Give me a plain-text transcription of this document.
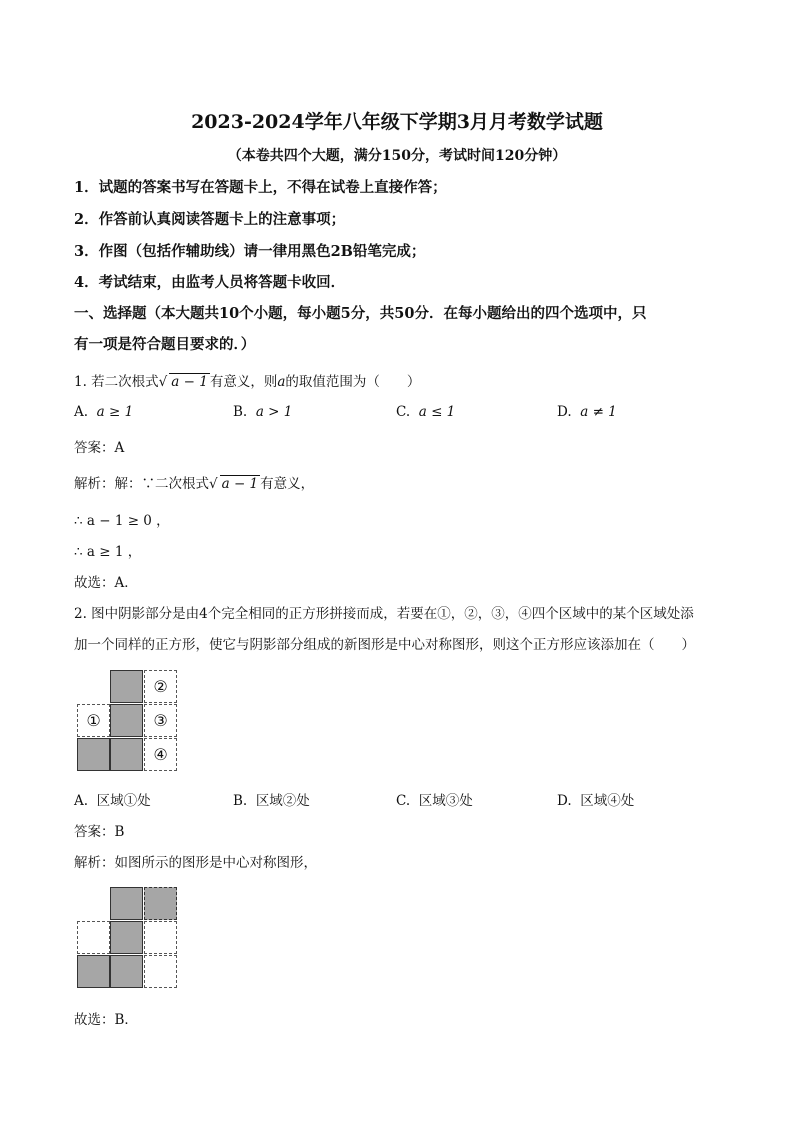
2023-2024学年八年级下学期3月月考数学试题
（本卷共四个大题，满分150分，考试时间120分钟）
1．试题的答案书写在答题卡上，不得在试卷上直接作答；
2．作答前认真阅读答题卡上的注意事项；
3．作图（包括作辅助线）请一律用黑色2B铅笔完成；
4．考试结束，由监考人员将答题卡收回．
一、选择题（本大题共10个小题，每小题5分，共50分．在每小题给出的四个选项中，只
有一项是符合题目要求的．）
1. 若二次根式√ a − 1 有意义，则a的取值范围为（　　）
A. a ≥ 1	B. a > 1	C. a ≤ 1	D. a ≠ 1
答案：A
解析：解：∵二次根式√ a − 1 有意义，
∴ a − 1 ≥ 0 ，
∴ a ≥ 1 ，
故选：A．
2. 图中阴影部分是由4个完全相同的正方形拼接而成，若要在①，②，③，④四个区域中的某个区域处添
加一个同样的正方形，使它与阴影部分组成的新图形是中心对称图形，则这个正方形应该添加在（　　）
②
①	③
④
A. 区域①处	B. 区域②处	C. 区域③处	D. 区域④处
答案：B
解析：如图所示的图形是中心对称图形，
故选：B．
